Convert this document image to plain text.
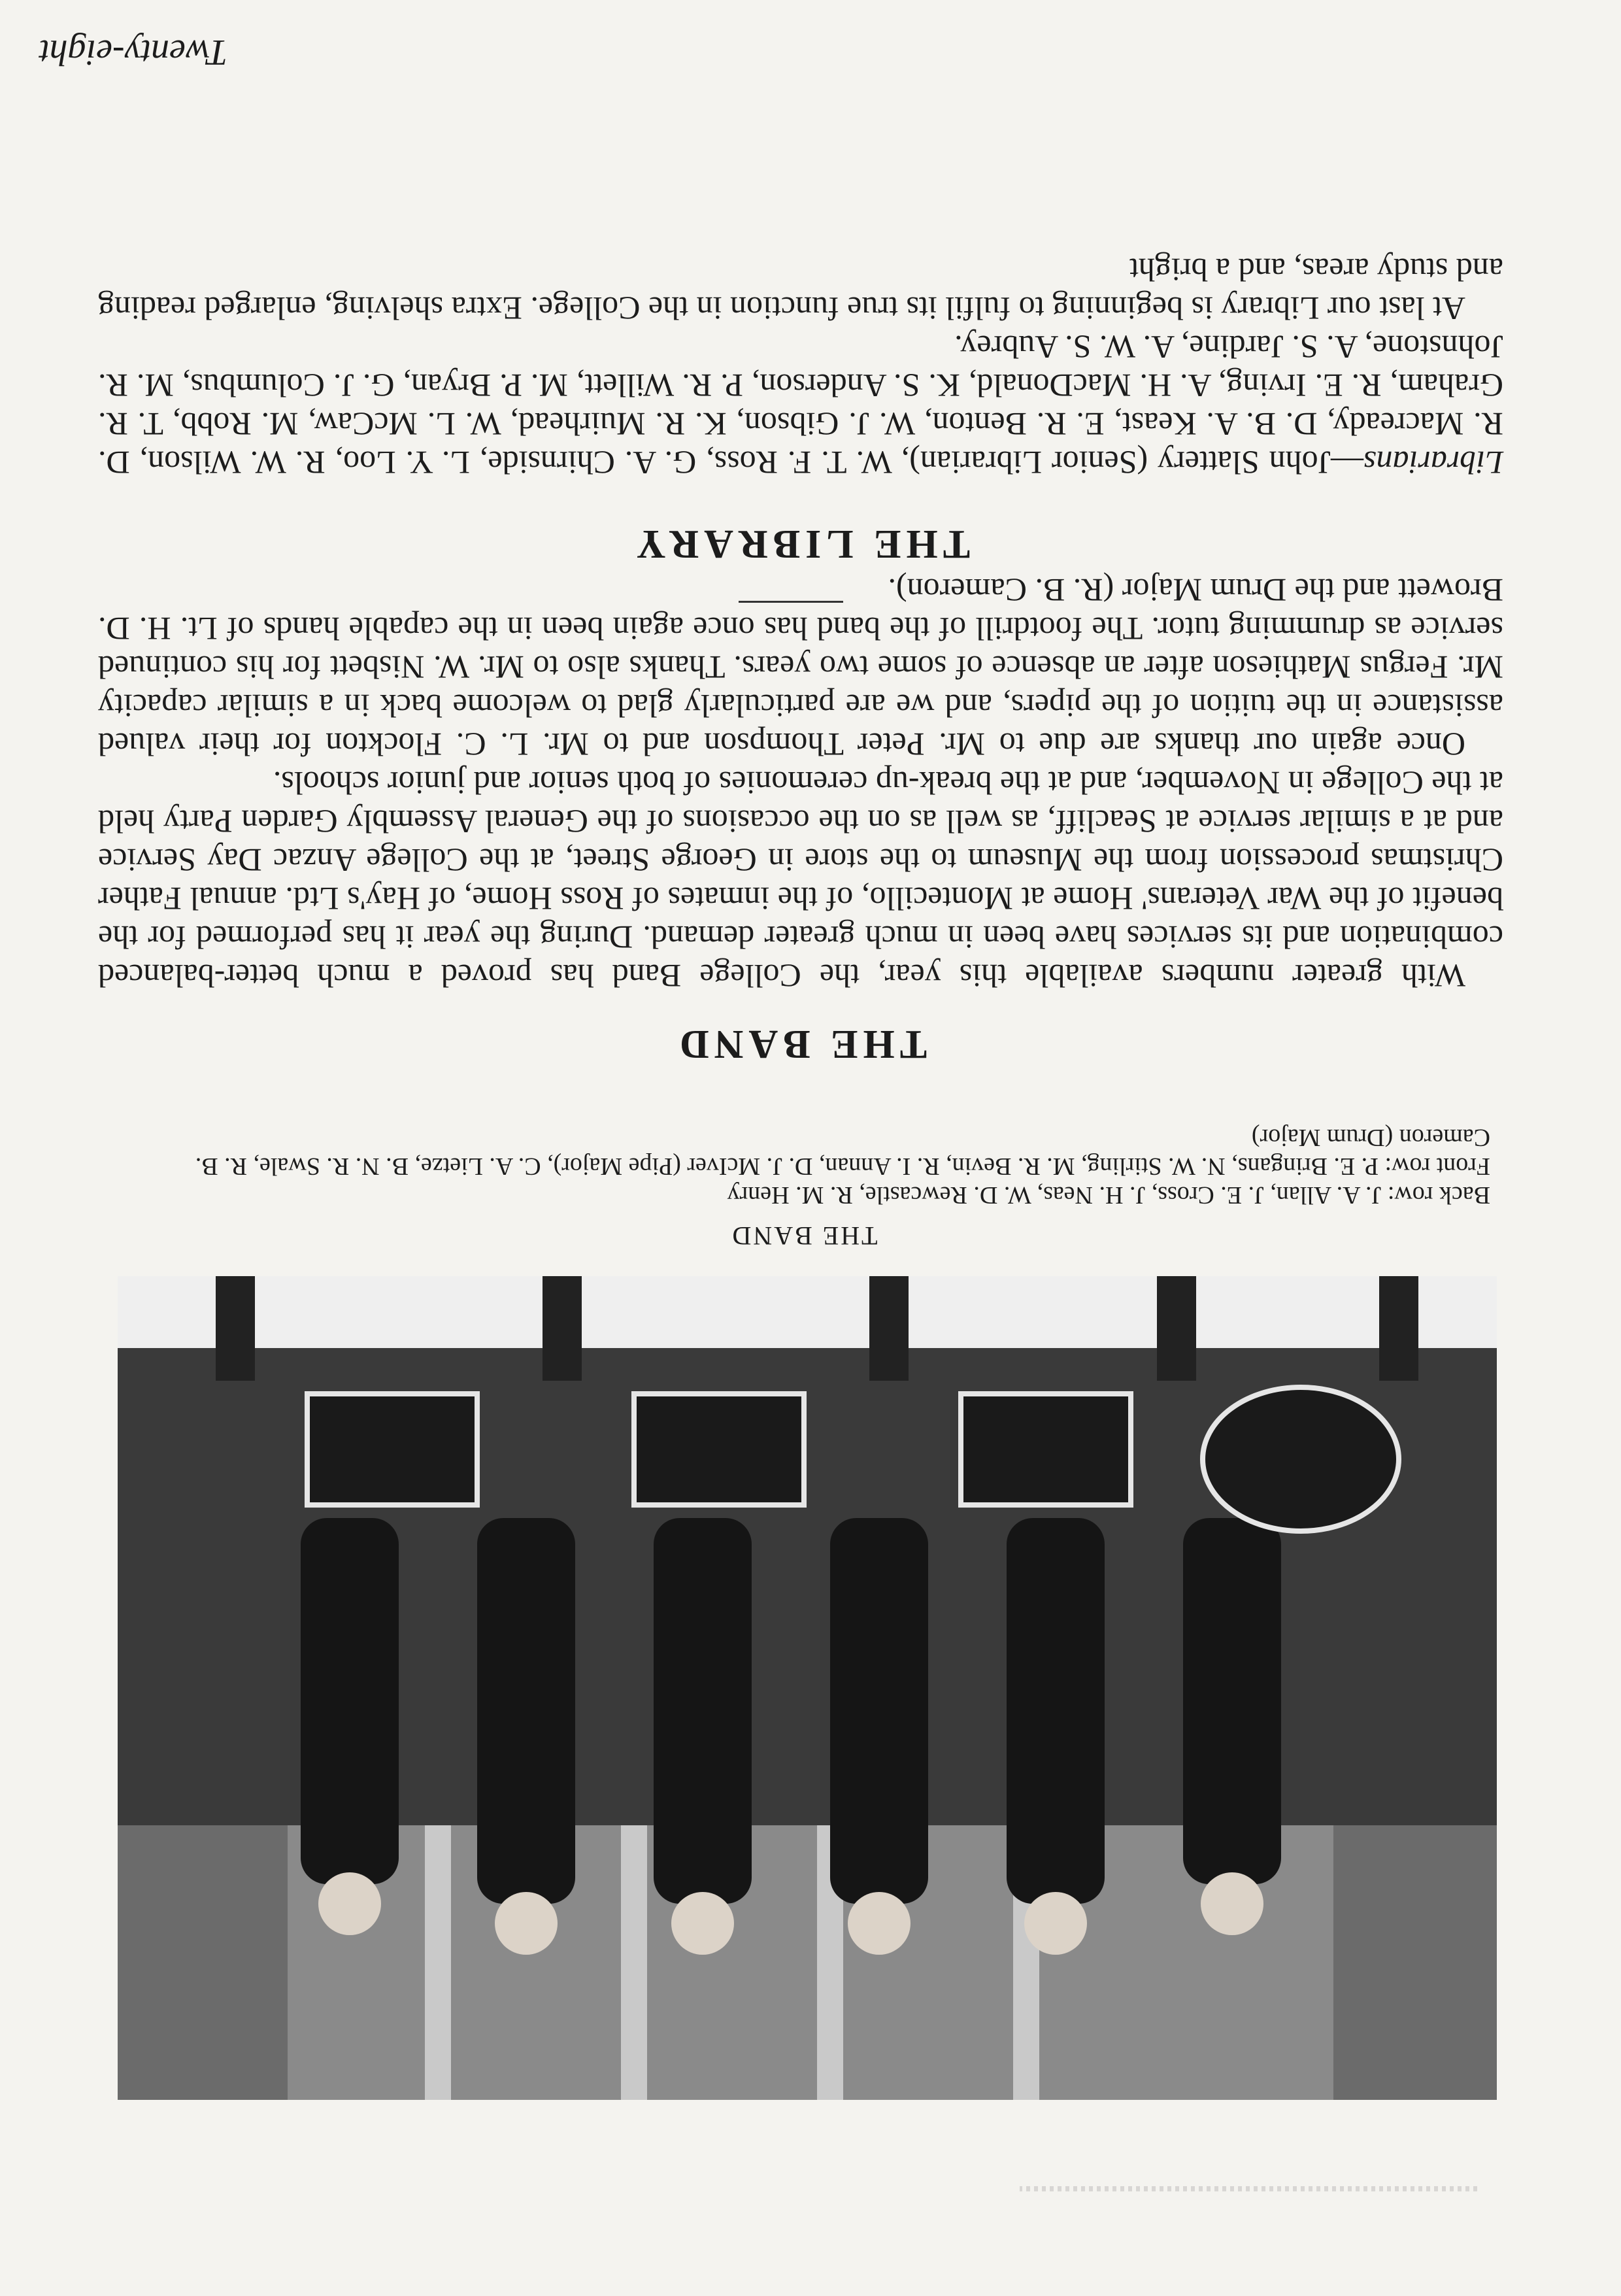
THE BAND
Back row: J. A. Allan, J. E. Cross, J. H. Neas, W. D. Rewcastle, R. M. Henry
Front row: P. E. Bringans, N. W. Stirling, M. R. Bevin, R. I. Annan, D. J. McIver (Pipe Major), C. A. Lietze, B. N. R. Swale, R. B. Cameron (Drum Major)
THE BAND

With greater numbers available this year, the College Band has proved a much better-balanced combination and its services have been in much greater demand. During the year it has performed for the benefit of the War Veterans' Home at Montecillo, of the inmates of Ross Home, of Hay's Ltd. annual Father Christmas procession from the Museum to the store in George Street, at the College Anzac Day Service and at a similar service at Seacliff, as well as on the occasions of the General Assembly Garden Party held at the College in November, and at the break-up ceremonies of both senior and junior schools.

Once again our thanks are due to Mr. Peter Thompson and to Mr. L. C. Flockton for their valued assistance in the tuition of the pipers, and we are particularly glad to welcome back in a similar capacity Mr. Fergus Mathieson after an absence of some two years. Thanks also to Mr. W. Nisbett for his continued service as drumming tutor. The footdrill of the band has once again been in the capable hands of Lt. H. D. Browett and the Drum Major (R. B. Cameron).

THE LIBRARY

Librarians—John Slattery (Senior Librarian), W. T. F. Ross, G. A. Chirnside, L. Y. Loo, R. W. Wilson, D. R. Macready, D. B. A. Keast, E. R. Benton, W. J. Gibson, K. R. Muirhead, W. L. McCaw, M. Robb, T. R. Graham, R. E. Irving, A. H. MacDonald, K. S. Anderson, P. R. Willett, M. P. Bryan, G. J. Columbus, M. R. Johnstone, A. S. Jardine, A. W. S. Aubrey.

At last our Library is beginning to fulfil its true function in the College. Extra shelving, enlarged reading and study areas, and a bright

Twenty-eight
